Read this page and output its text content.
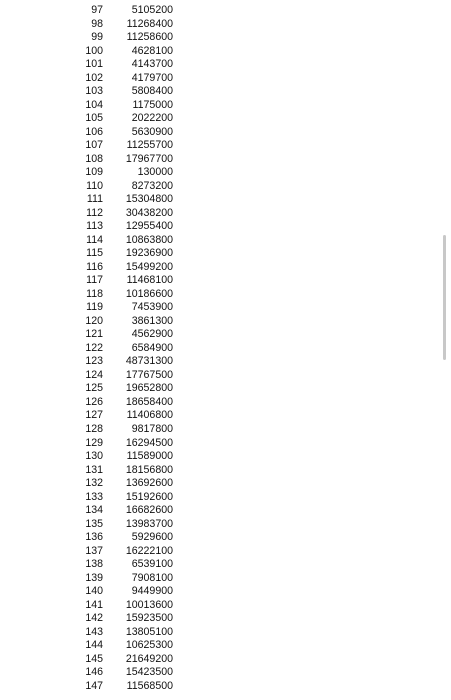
97	5105200
98	11268400
99	11258600
100	4628100
101	4143700
102	4179700
103	5808400
104	1175000
105	2022200
106	5630900
107	11255700
108	17967700
109	130000
110	8273200
111	15304800
112	30438200
113	12955400
114	10863800
115	19236900
116	15499200
117	11468100
118	10186600
119	7453900
120	3861300
121	4562900
122	6584900
123	48731300
124	17767500
125	19652800
126	18658400
127	11406800
128	9817800
129	16294500
130	11589000
131	18156800
132	13692600
133	15192600
134	16682600
135	13983700
136	5929600
137	16222100
138	6539100
139	7908100
140	9449900
141	10013600
142	15923500
143	13805100
144	10625300
145	21649200
146	15423500
147	11568500
